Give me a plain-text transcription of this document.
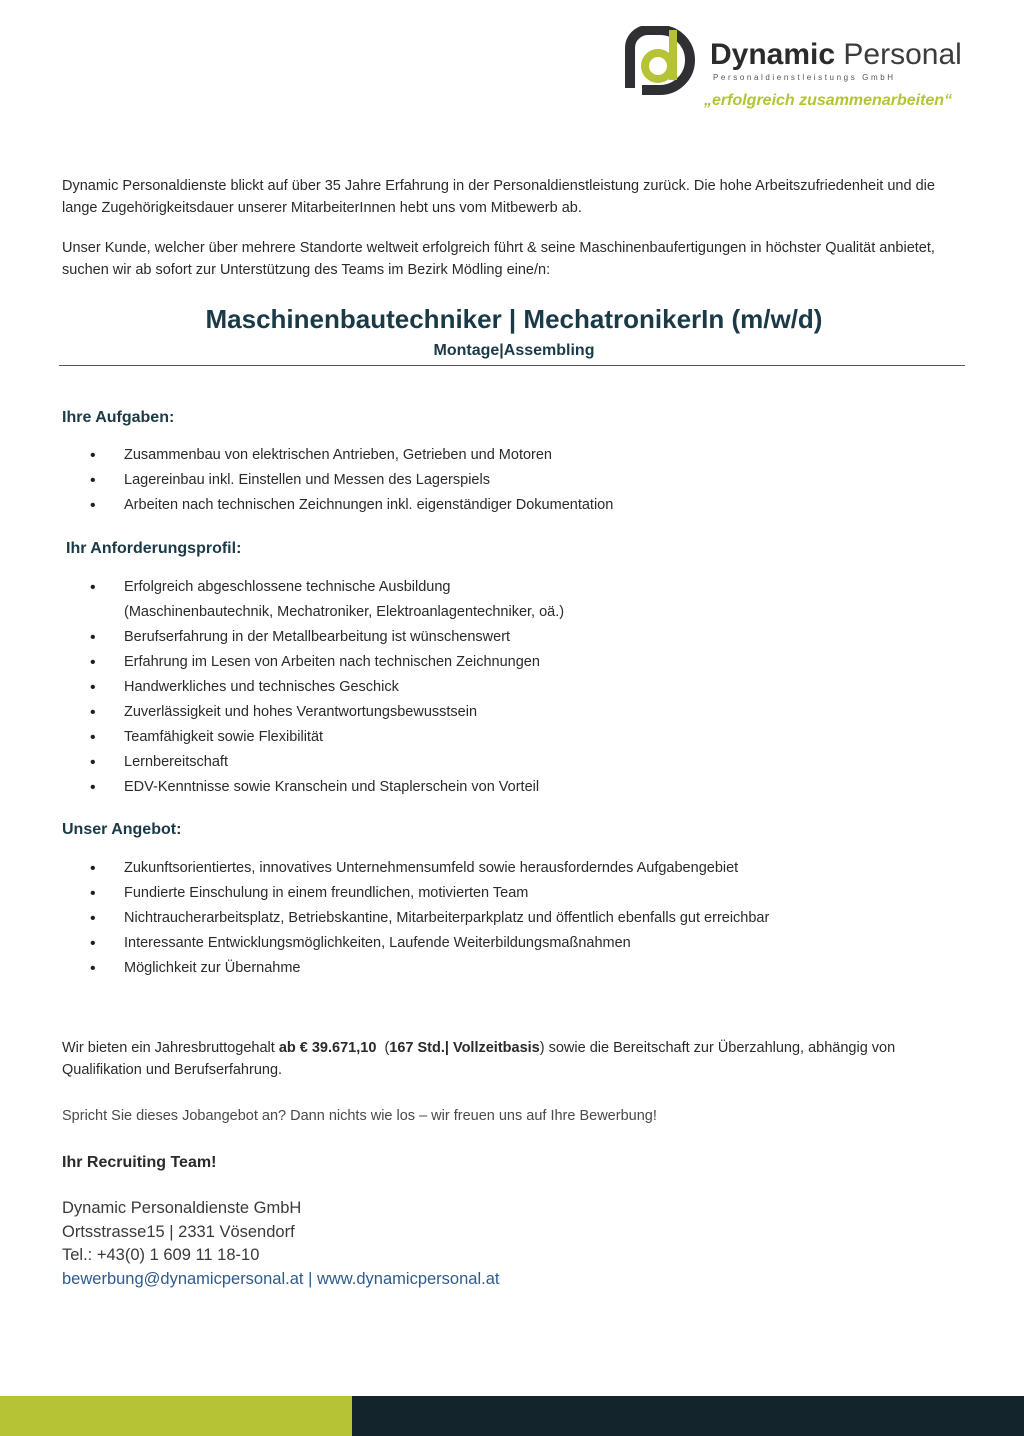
Dynamic Personal
Personaldienstleistungs GmbH
„erfolgreich zusammenarbeiten“

Dynamic Personaldienste blickt auf über 35 Jahre Erfahrung in der Personaldienstleistung zurück. Die hohe Arbeitszufriedenheit und die lange Zugehörigkeitsdauer unserer MitarbeiterInnen hebt uns vom Mitbewerb ab.

Unser Kunde, welcher über mehrere Standorte weltweit erfolgreich führt & seine Maschinenbaufertigungen in höchster Qualität anbietet, suchen wir ab sofort zur Unterstützung des Teams im Bezirk Mödling eine/n:

Maschinenbautechniker | MechatronikerIn (m/w/d)
Montage|Assembling
Ihre Aufgaben:
• Zusammenbau von elektrischen Antrieben, Getrieben und Motoren
• Lagereinbau inkl. Einstellen und Messen des Lagerspiels
• Arbeiten nach technischen Zeichnungen inkl. eigenständiger Dokumentation
Ihr Anforderungsprofil:
• Erfolgreich abgeschlossene technische Ausbildung
(Maschinenbautechnik, Mechatroniker, Elektroanlagentechniker, oä.)
• Berufserfahrung in der Metallbearbeitung ist wünschenswert
• Erfahrung im Lesen von Arbeiten nach technischen Zeichnungen
• Handwerkliches und technisches Geschick
• Zuverlässigkeit und hohes Verantwortungsbewusstsein
• Teamfähigkeit sowie Flexibilität
• Lernbereitschaft
• EDV-Kenntnisse sowie Kranschein und Staplerschein von Vorteil
Unser Angebot:
• Zukunftsorientiertes, innovatives Unternehmensumfeld sowie herausforderndes Aufgabengebiet
• Fundierte Einschulung in einem freundlichen, motivierten Team
• Nichtraucherarbeitsplatz, Betriebskantine, Mitarbeiterparkplatz und öffentlich ebenfalls gut erreichbar
• Interessante Entwicklungsmöglichkeiten, Laufende Weiterbildungsmaßnahmen
• Möglichkeit zur Übernahme

Wir bieten ein Jahresbruttogehalt ab € 39.671,10  (167 Std.| Vollzeitbasis) sowie die Bereitschaft zur Überzahlung, abhängig von Qualifikation und Berufserfahrung.

Spricht Sie dieses Jobangebot an? Dann nichts wie los – wir freuen uns auf Ihre Bewerbung!

Ihr Recruiting Team!
Dynamic Personaldienste GmbH
Ortsstrasse15 | 2331 Vösendorf
Tel.: +43(0) 1 609 11 18-10
bewerbung@dynamicpersonal.at | www.dynamicpersonal.at
